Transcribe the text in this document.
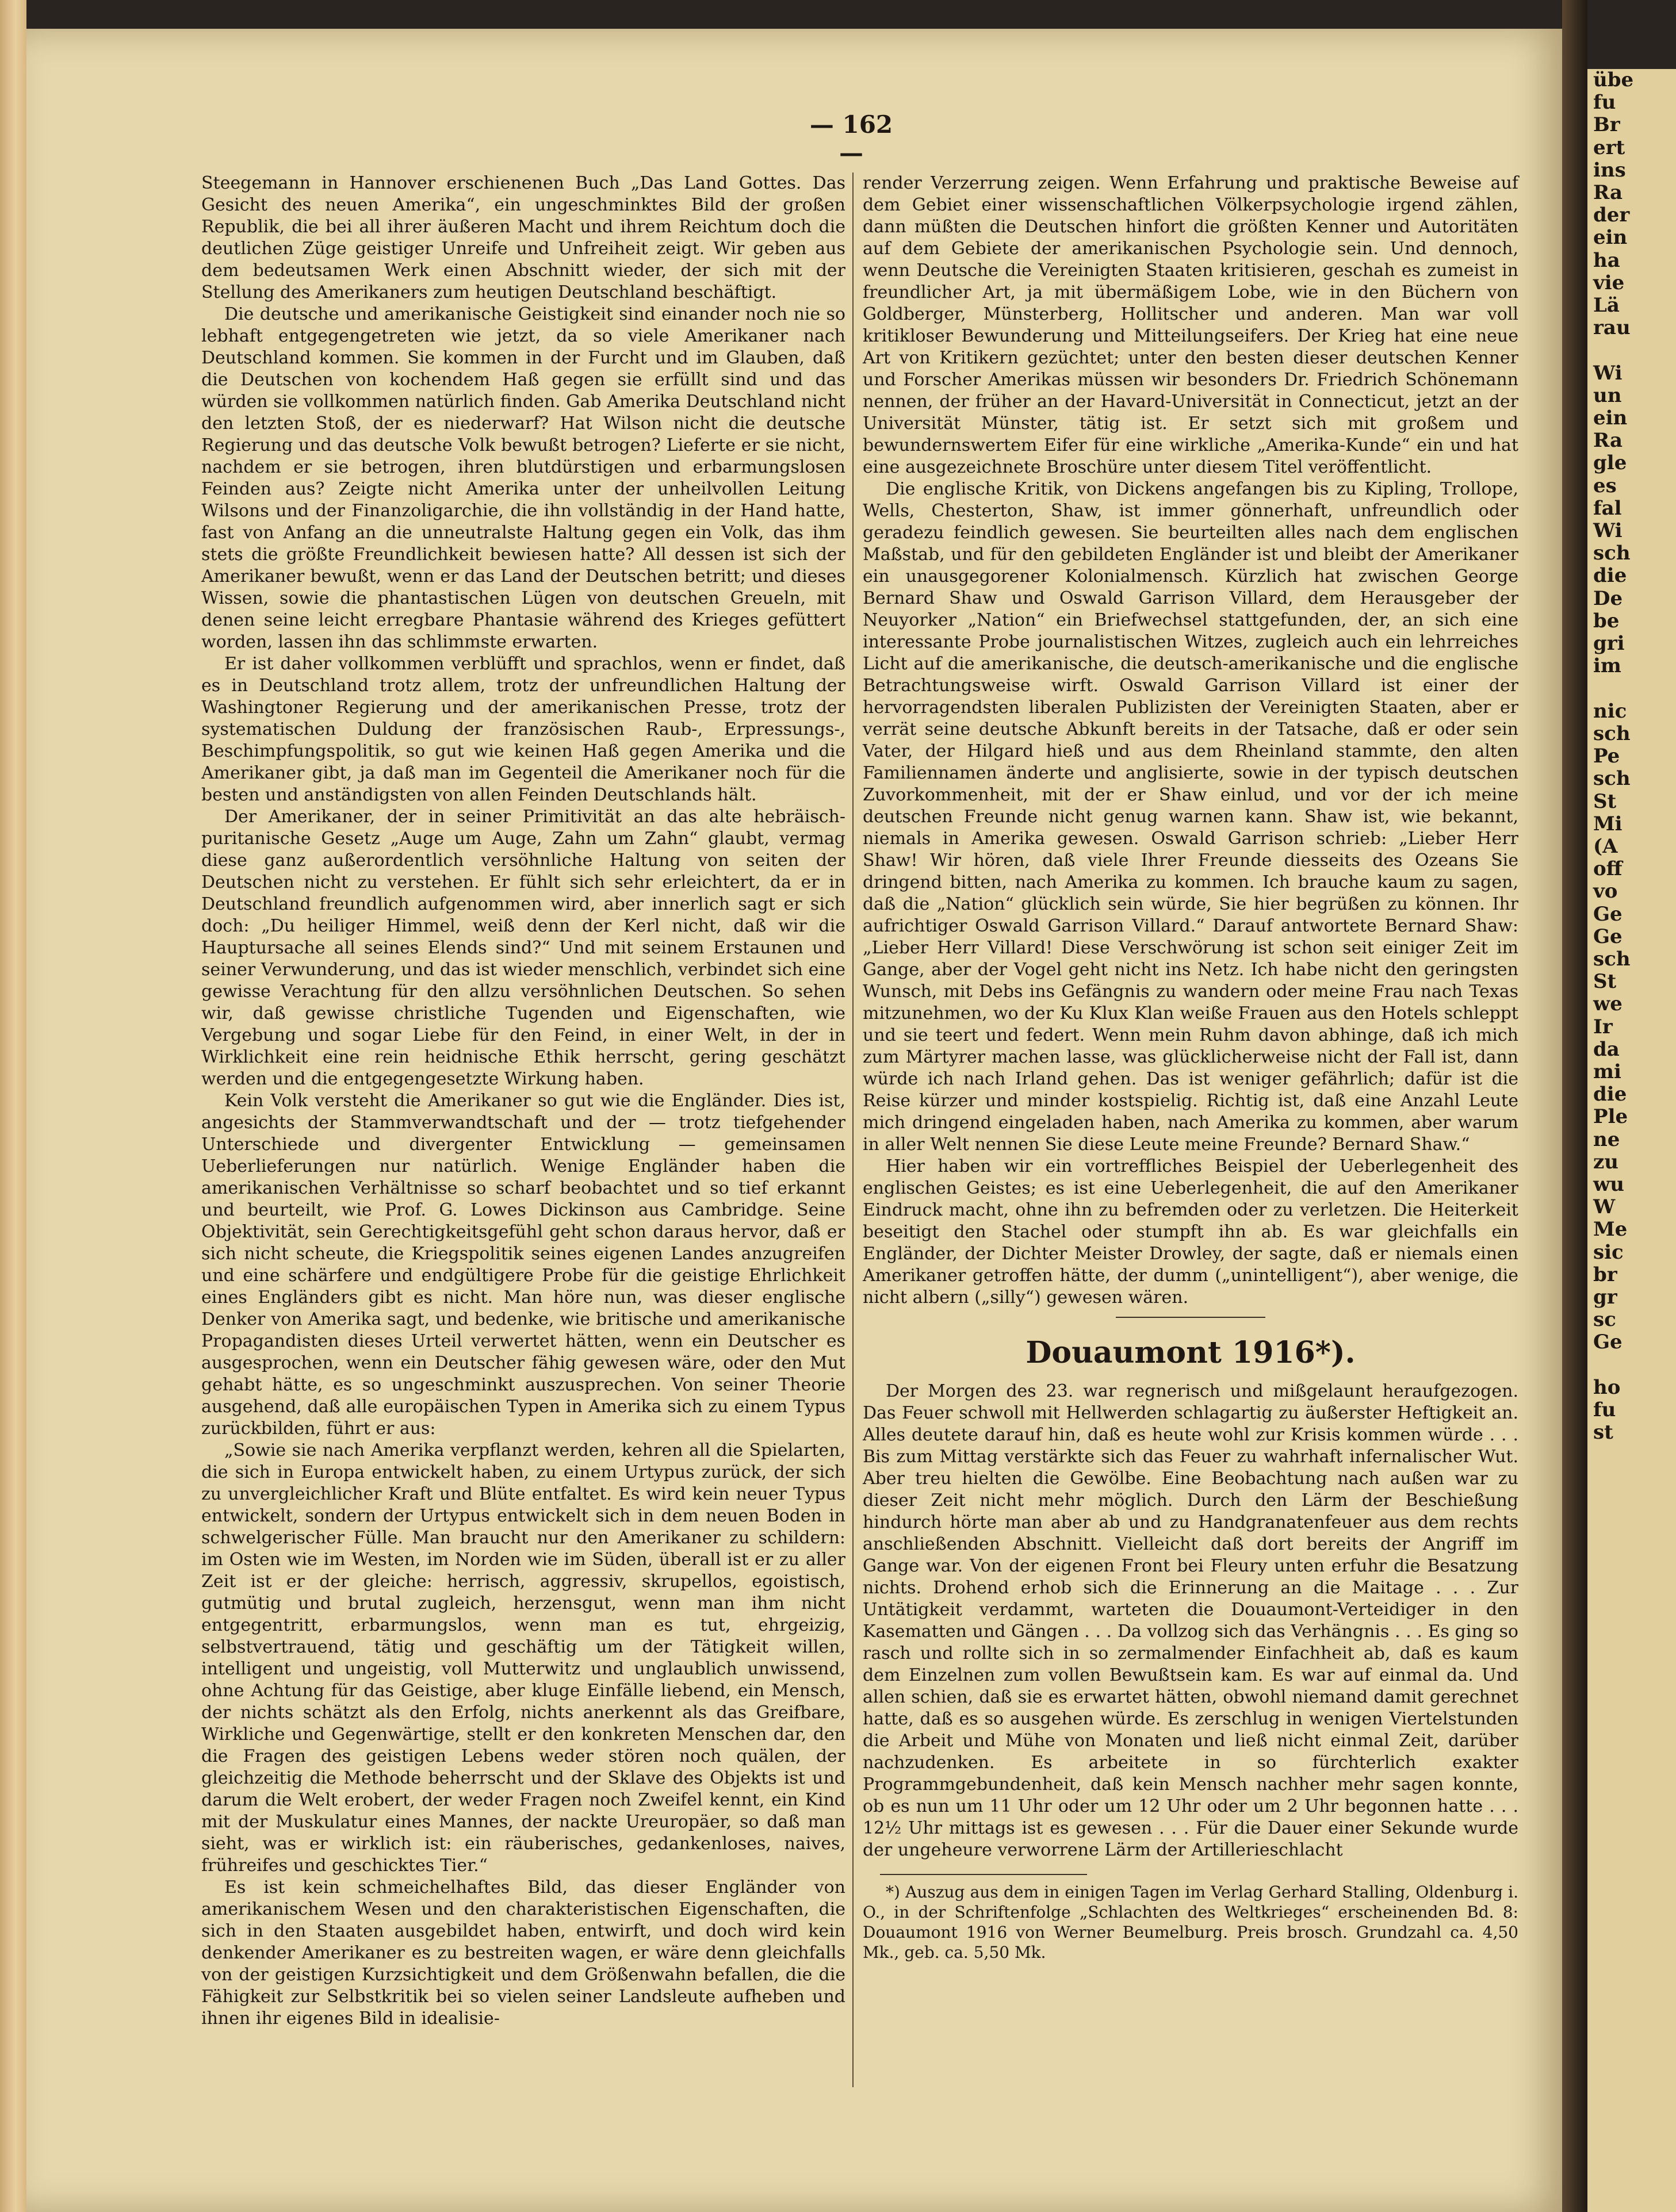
übe
fu
Br
ert
ins
Ra
der
ein
ha
vie
Lä
rau

Wi
un
ein
Ra
gle
es
fal
Wi
sch
die
De
be
gri
im

nic
sch
Pe
sch
St
Mi
(A
off
vo
Ge
Ge
sch
St
we
Ir
da
mi
die
Ple
ne
zu
wu
W
Me
sic
br
gr
sc
Ge

ho
fu
st
— 162 —

Steegemann in Hannover erschienenen Buch „Das Land Gottes. Das Gesicht des neuen Amerika“, ein ungeschminktes Bild der großen Republik, die bei all ihrer äußeren Macht und ihrem Reichtum doch die deutlichen Züge geistiger Unreife und Unfreiheit zeigt. Wir geben aus dem bedeutsamen Werk einen Abschnitt wieder, der sich mit der Stellung des Amerikaners zum heutigen Deutschland beschäftigt.

Die deutsche und amerikanische Geistigkeit sind einander noch nie so lebhaft entgegengetreten wie jetzt, da so viele Amerikaner nach Deutschland kommen. Sie kommen in der Furcht und im Glauben, daß die Deutschen von kochendem Haß gegen sie erfüllt sind und das würden sie vollkommen natürlich finden. Gab Amerika Deutschland nicht den letzten Stoß, der es niederwarf? Hat Wilson nicht die deutsche Regierung und das deutsche Volk bewußt betrogen? Lieferte er sie nicht, nachdem er sie betrogen, ihren blutdürstigen und erbarmungslosen Feinden aus? Zeigte nicht Amerika unter der unheilvollen Leitung Wilsons und der Finanzoligarchie, die ihn vollständig in der Hand hatte, fast von Anfang an die unneutralste Haltung gegen ein Volk, das ihm stets die größte Freundlichkeit bewiesen hatte? All dessen ist sich der Amerikaner bewußt, wenn er das Land der Deutschen betritt; und dieses Wissen, sowie die phantastischen Lügen von deutschen Greueln, mit denen seine leicht erregbare Phantasie während des Krieges gefüttert worden, lassen ihn das schlimmste erwarten.

Er ist daher vollkommen verblüfft und sprachlos, wenn er findet, daß es in Deutschland trotz allem, trotz der unfreundlichen Haltung der Washingtoner Regierung und der amerikanischen Presse, trotz der systematischen Duldung der französischen Raub-, Erpressungs-, Beschimpfungspolitik, so gut wie keinen Haß gegen Amerika und die Amerikaner gibt, ja daß man im Gegenteil die Amerikaner noch für die besten und anständigsten von allen Feinden Deutschlands hält.

Der Amerikaner, der in seiner Primitivität an das alte hebräisch-puritanische Gesetz „Auge um Auge, Zahn um Zahn“ glaubt, vermag diese ganz außerordentlich versöhnliche Haltung von seiten der Deutschen nicht zu verstehen. Er fühlt sich sehr erleichtert, da er in Deutschland freundlich aufgenommen wird, aber innerlich sagt er sich doch: „Du heiliger Himmel, weiß denn der Kerl nicht, daß wir die Hauptursache all seines Elends sind?“ Und mit seinem Erstaunen und seiner Verwunderung, und das ist wieder menschlich, verbindet sich eine gewisse Verachtung für den allzu versöhnlichen Deutschen. So sehen wir, daß gewisse christliche Tugenden und Eigenschaften, wie Vergebung und sogar Liebe für den Feind, in einer Welt, in der in Wirklichkeit eine rein heidnische Ethik herrscht, gering geschätzt werden und die entgegengesetzte Wirkung haben.

Kein Volk versteht die Amerikaner so gut wie die Engländer. Dies ist, angesichts der Stammverwandtschaft und der — trotz tiefgehender Unterschiede und divergenter Entwicklung — gemeinsamen Ueberlieferungen nur natürlich. Wenige Engländer haben die amerikanischen Verhältnisse so scharf beobachtet und so tief erkannt und beurteilt, wie Prof. G. Lowes Dickinson aus Cambridge. Seine Objektivität, sein Gerechtigkeitsgefühl geht schon daraus hervor, daß er sich nicht scheute, die Kriegspolitik seines eigenen Landes anzugreifen und eine schärfere und endgültigere Probe für die geistige Ehrlichkeit eines Engländers gibt es nicht. Man höre nun, was dieser englische Denker von Amerika sagt, und bedenke, wie britische und amerikanische Propagandisten dieses Urteil verwertet hätten, wenn ein Deutscher es ausgesprochen, wenn ein Deutscher fähig gewesen wäre, oder den Mut gehabt hätte, es so ungeschminkt auszusprechen. Von seiner Theorie ausgehend, daß alle europäischen Typen in Amerika sich zu einem Typus zurückbilden, führt er aus:

„Sowie sie nach Amerika verpflanzt werden, kehren all die Spielarten, die sich in Europa entwickelt haben, zu einem Urtypus zurück, der sich zu unvergleichlicher Kraft und Blüte entfaltet. Es wird kein neuer Typus entwickelt, sondern der Urtypus entwickelt sich in dem neuen Boden in schwelgerischer Fülle. Man braucht nur den Amerikaner zu schildern: im Osten wie im Westen, im Norden wie im Süden, überall ist er zu aller Zeit ist er der gleiche: herrisch, aggressiv, skrupellos, egoistisch, gutmütig und brutal zugleich, herzensgut, wenn man ihm nicht entgegentritt, erbarmungslos, wenn man es tut, ehrgeizig, selbstvertrauend, tätig und geschäftig um der Tätigkeit willen, intelligent und ungeistig, voll Mutterwitz und unglaublich unwissend, ohne Achtung für das Geistige, aber kluge Einfälle liebend, ein Mensch, der nichts schätzt als den Erfolg, nichts anerkennt als das Greifbare, Wirkliche und Gegenwärtige, stellt er den konkreten Menschen dar, den die Fragen des geistigen Lebens weder stören noch quälen, der gleichzeitig die Methode beherrscht und der Sklave des Objekts ist und darum die Welt erobert, der weder Fragen noch Zweifel kennt, ein Kind mit der Muskulatur eines Mannes, der nackte Ureuropäer, so daß man sieht, was er wirklich ist: ein räuberisches, gedankenloses, naives, frühreifes und geschicktes Tier.“

Es ist kein schmeichelhaftes Bild, das dieser Engländer von amerikanischem Wesen und den charakteristischen Eigenschaften, die sich in den Staaten ausgebildet haben, entwirft, und doch wird kein denkender Amerikaner es zu bestreiten wagen, er wäre denn gleichfalls von der geistigen Kurzsichtigkeit und dem Größenwahn befallen, die die Fähigkeit zur Selbstkritik bei so vielen seiner Landsleute aufheben und ihnen ihr eigenes Bild in idealisie-

render Verzerrung zeigen. Wenn Erfahrung und praktische Beweise auf dem Gebiet einer wissenschaftlichen Völkerpsychologie irgend zählen, dann müßten die Deutschen hinfort die größten Kenner und Autoritäten auf dem Gebiete der amerikanischen Psychologie sein. Und dennoch, wenn Deutsche die Vereinigten Staaten kritisieren, geschah es zumeist in freundlicher Art, ja mit übermäßigem Lobe, wie in den Büchern von Goldberger, Münsterberg, Hollitscher und anderen. Man war voll kritikloser Bewunderung und Mitteilungseifers. Der Krieg hat eine neue Art von Kritikern gezüchtet; unter den besten dieser deutschen Kenner und Forscher Amerikas müssen wir besonders Dr. Friedrich Schönemann nennen, der früher an der Havard-Universität in Connecticut, jetzt an der Universität Münster, tätig ist. Er setzt sich mit großem und bewundernswertem Eifer für eine wirkliche „Amerika-Kunde“ ein und hat eine ausgezeichnete Broschüre unter diesem Titel veröffentlicht.

Die englische Kritik, von Dickens angefangen bis zu Kipling, Trollope, Wells, Chesterton, Shaw, ist immer gönnerhaft, unfreundlich oder geradezu feindlich gewesen. Sie beurteilten alles nach dem englischen Maßstab, und für den gebildeten Engländer ist und bleibt der Amerikaner ein unausgegorener Kolonialmensch. Kürzlich hat zwischen George Bernard Shaw und Oswald Garrison Villard, dem Herausgeber der Neuyorker „Nation“ ein Briefwechsel stattgefunden, der, an sich eine interessante Probe journalistischen Witzes, zugleich auch ein lehrreiches Licht auf die amerikanische, die deutsch-amerikanische und die englische Betrachtungsweise wirft. Oswald Garrison Villard ist einer der hervorragendsten liberalen Publizisten der Vereinigten Staaten, aber er verrät seine deutsche Abkunft bereits in der Tatsache, daß er oder sein Vater, der Hilgard hieß und aus dem Rheinland stammte, den alten Familiennamen änderte und anglisierte, sowie in der typisch deutschen Zuvorkommenheit, mit der er Shaw einlud, und vor der ich meine deutschen Freunde nicht genug warnen kann. Shaw ist, wie bekannt, niemals in Amerika gewesen. Oswald Garrison schrieb: „Lieber Herr Shaw! Wir hören, daß viele Ihrer Freunde diesseits des Ozeans Sie dringend bitten, nach Amerika zu kommen. Ich brauche kaum zu sagen, daß die „Nation“ glücklich sein würde, Sie hier begrüßen zu können. Ihr aufrichtiger Oswald Garrison Villard.“ Darauf antwortete Bernard Shaw: „Lieber Herr Villard! Diese Verschwörung ist schon seit einiger Zeit im Gange, aber der Vogel geht nicht ins Netz. Ich habe nicht den geringsten Wunsch, mit Debs ins Gefängnis zu wandern oder meine Frau nach Texas mitzunehmen, wo der Ku Klux Klan weiße Frauen aus den Hotels schleppt und sie teert und federt. Wenn mein Ruhm davon abhinge, daß ich mich zum Märtyrer machen lasse, was glücklicherweise nicht der Fall ist, dann würde ich nach Irland gehen. Das ist weniger gefährlich; dafür ist die Reise kürzer und minder kostspielig. Richtig ist, daß eine Anzahl Leute mich dringend eingeladen haben, nach Amerika zu kommen, aber warum in aller Welt nennen Sie diese Leute meine Freunde? Bernard Shaw.“

Hier haben wir ein vortreffliches Beispiel der Ueberlegenheit des englischen Geistes; es ist eine Ueberlegenheit, die auf den Amerikaner Eindruck macht, ohne ihn zu befremden oder zu verletzen. Die Heiterkeit beseitigt den Stachel oder stumpft ihn ab. Es war gleichfalls ein Engländer, der Dichter Meister Drowley, der sagte, daß er niemals einen Amerikaner getroffen hätte, der dumm („unintelligent“), aber wenige, die nicht albern („silly“) gewesen wären.

Douaumont 1916*).

Der Morgen des 23. war regnerisch und mißgelaunt heraufgezogen. Das Feuer schwoll mit Hellwerden schlagartig zu äußerster Heftigkeit an. Alles deutete darauf hin, daß es heute wohl zur Krisis kommen würde . . . Bis zum Mittag verstärkte sich das Feuer zu wahrhaft infernalischer Wut. Aber treu hielten die Gewölbe. Eine Beobachtung nach außen war zu dieser Zeit nicht mehr möglich. Durch den Lärm der Beschießung hindurch hörte man aber ab und zu Handgranatenfeuer aus dem rechts anschließenden Abschnitt. Vielleicht daß dort bereits der Angriff im Gange war. Von der eigenen Front bei Fleury unten erfuhr die Besatzung nichts. Drohend erhob sich die Erinnerung an die Maitage . . . Zur Untätigkeit verdammt, warteten die Douaumont-Verteidiger in den Kasematten und Gängen . . . Da vollzog sich das Verhängnis . . . Es ging so rasch und rollte sich in so zermalmender Einfachheit ab, daß es kaum dem Einzelnen zum vollen Bewußtsein kam. Es war auf einmal da. Und allen schien, daß sie es erwartet hätten, obwohl niemand damit gerechnet hatte, daß es so ausgehen würde. Es zerschlug in wenigen Viertelstunden die Arbeit und Mühe von Monaten und ließ nicht einmal Zeit, darüber nachzudenken. Es arbeitete in so fürchterlich exakter Programmgebundenheit, daß kein Mensch nachher mehr sagen konnte, ob es nun um 11 Uhr oder um 12 Uhr oder um 2 Uhr begonnen hatte . . . 12½ Uhr mittags ist es gewesen . . . Für die Dauer einer Sekunde wurde der ungeheure verworrene Lärm der Artilleriеschlacht

*) Auszug aus dem in einigen Tagen im Verlag Gerhard Stalling, Oldenburg i. O., in der Schriftenfolge „Schlachten des Weltkrieges“ erscheinenden Bd. 8: Douaumont 1916 von Werner Beumelburg. Preis brosch. Grundzahl ca. 4,50 Mk., geb. ca. 5,50 Mk.
